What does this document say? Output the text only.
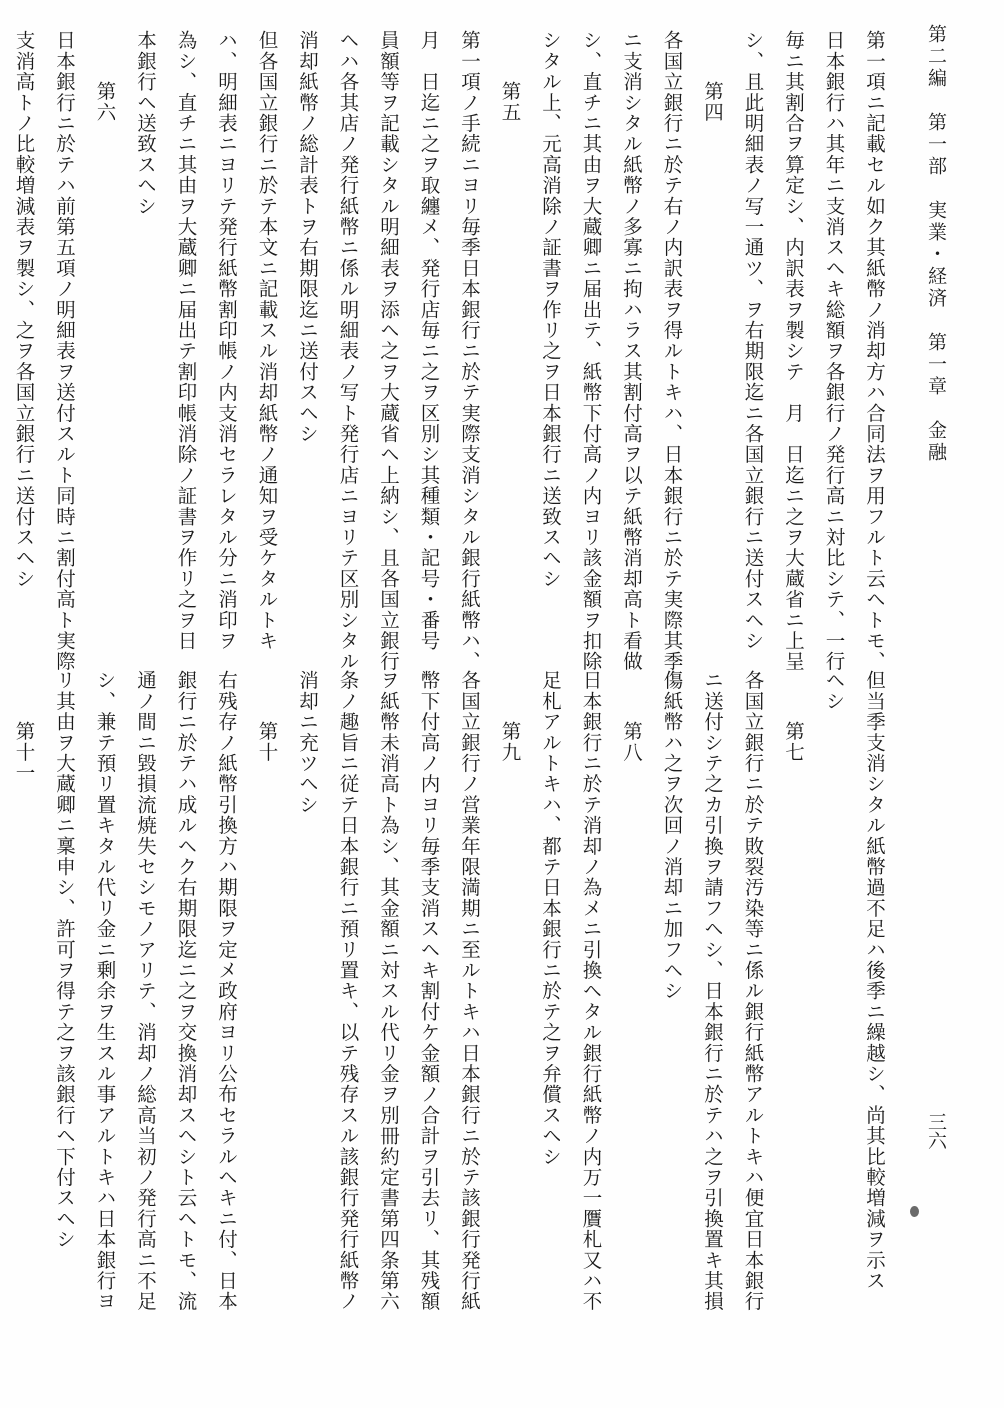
第二編　第一部　実業・経済　第一章　金融
三六
第一項ニ記載セル如ク其紙幣ノ消却方ハ合同法ヲ用フルト云ヘトモ、
日本銀行ハ其年ニ支消スヘキ総額ヲ各銀行ノ発行高ニ対比シテ、一行
毎ニ其割合ヲ算定シ、内訳表ヲ製シテ　月　日迄ニ之ヲ大蔵省ニ上呈
シ、且此明細表ノ写一通ツ、ヲ右期限迄ニ各国立銀行ニ送付スヘシ
第四
各国立銀行ニ於テ右ノ内訳表ヲ得ルトキハ、日本銀行ニ於テ実際其季
ニ支消シタル紙幣ノ多寡ニ拘ハラス其割付高ヲ以テ紙幣消却高ト看做
シ、直チニ其由ヲ大蔵卿ニ届出テ、紙幣下付高ノ内ヨリ該金額ヲ扣除
シタル上、元高消除ノ証書ヲ作リ之ヲ日本銀行ニ送致スヘシ
第五
第一項ノ手続ニヨリ毎季日本銀行ニ於テ実際支消シタル銀行紙幣ハ、
月　日迄ニ之ヲ取纏メ、発行店毎ニ之ヲ区別シ其種類・記号・番号
員額等ヲ記載シタル明細表ヲ添ヘ之ヲ大蔵省ヘ上納シ、且各国立銀行
ヘハ各其店ノ発行紙幣ニ係ル明細表ノ写ト発行店ニヨリテ区別シタル
消却紙幣ノ総計表トヲ右期限迄ニ送付スヘシ
但各国立銀行ニ於テ本文ニ記載スル消却紙幣ノ通知ヲ受ケタルトキ
ハ、明細表ニヨリテ発行紙幣割印帳ノ内支消セラレタル分ニ消印ヲ
為シ、直チニ其由ヲ大蔵卿ニ届出テ割印帳消除ノ証書ヲ作リ之ヲ日
本銀行ヘ送致スヘシ
第六
日本銀行ニ於テハ前第五項ノ明細表ヲ送付スルト同時ニ割付高ト実際
支消高トノ比較増減表ヲ製シ、之ヲ各国立銀行ニ送付スヘシ
但当季支消シタル紙幣過不足ハ後季ニ繰越シ、尚其比較増減ヲ示ス
ヘシ
第七
各国立銀行ニ於テ敗裂汚染等ニ係ル銀行紙幣アルトキハ便宜日本銀行
ニ送付シテ之カ引換ヲ請フヘシ、日本銀行ニ於テハ之ヲ引換置キ其損
傷紙幣ハ之ヲ次回ノ消却ニ加フヘシ
第八
日本銀行ニ於テ消却ノ為メニ引換ヘタル銀行紙幣ノ内万一贋札又ハ不
足札アルトキハ、都テ日本銀行ニ於テ之ヲ弁償スヘシ
第九
各国立銀行ノ営業年限満期ニ至ルトキハ日本銀行ニ於テ該銀行発行紙
幣下付高ノ内ヨリ毎季支消スヘキ割付ケ金額ノ合計ヲ引去リ、其残額
ヲ紙幣未消高ト為シ、其金額ニ対スル代リ金ヲ別冊約定書第四条第六
条ノ趣旨ニ従テ日本銀行ニ預リ置キ、以テ残存スル該銀行発行紙幣ノ
消却ニ充ツヘシ
第十
右残存ノ紙幣引換方ハ期限ヲ定メ政府ヨリ公布セラルヘキニ付、日本
銀行ニ於テハ成ルヘク右期限迄ニ之ヲ交換消却スヘシト云ヘトモ、流
通ノ間ニ毀損流焼失セシモノアリテ、消却ノ総高当初ノ発行高ニ不足
シ、兼テ預リ置キタル代リ金ニ剰余ヲ生スル事アルトキハ日本銀行ヨ
リ其由ヲ大蔵卿ニ稟申シ、許可ヲ得テ之ヲ該銀行ヘ下付スヘシ
第十一
